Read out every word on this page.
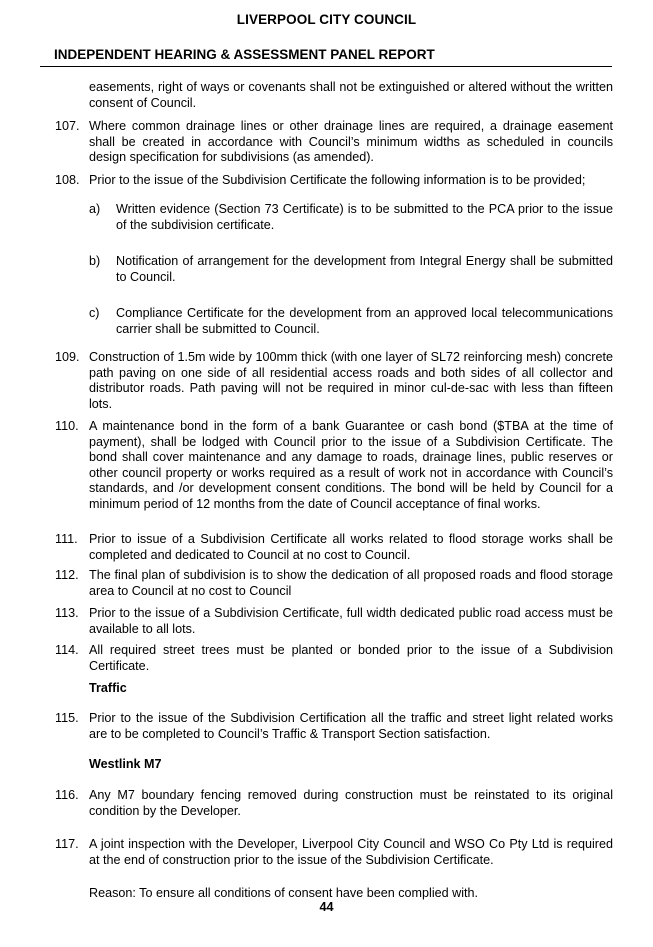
LIVERPOOL CITY COUNCIL
INDEPENDENT HEARING & ASSESSMENT PANEL REPORT
easements, right of ways or covenants shall not be extinguished or altered without the written consent of Council.
107. Where common drainage lines or other drainage lines are required, a drainage easement shall be created in accordance with Council’s minimum widths as scheduled in councils design specification for subdivisions (as amended).
108. Prior to the issue of the Subdivision Certificate the following information is to be provided;
a) Written evidence (Section 73 Certificate) is to be submitted to the PCA prior to the issue of the subdivision certificate.
b) Notification of arrangement for the development from Integral Energy shall be submitted to Council.
c) Compliance Certificate for the development from an approved local telecommunications carrier shall be submitted to Council.
109. Construction of 1.5m wide by 100mm thick (with one layer of SL72 reinforcing mesh) concrete path paving on one side of all residential access roads and both sides of all collector and distributor roads. Path paving will not be required in minor cul-de-sac with less than fifteen lots.
110. A maintenance bond in the form of a bank Guarantee or cash bond ($TBA at the time of payment), shall be lodged with Council prior to the issue of a Subdivision Certificate. The bond shall cover maintenance and any damage to roads, drainage lines, public reserves or other council property or works required as a result of work not in accordance with Council’s standards, and /or development consent conditions. The bond will be held by Council for a minimum period of 12 months from the date of Council acceptance of final works.
111. Prior to issue of a Subdivision Certificate all works related to flood storage works shall be completed and dedicated to Council at no cost to Council.
112. The final plan of subdivision is to show the dedication of all proposed roads and flood storage area to Council at no cost to Council
113. Prior to the issue of a Subdivision Certificate, full width dedicated public road access must be available to all lots.
114. All required street trees must be planted or bonded prior to the issue of a Subdivision Certificate.
Traffic
115. Prior to the issue of the Subdivision Certification all the traffic and street light related works are to be completed to Council’s Traffic & Transport Section satisfaction.
Westlink M7
116. Any M7 boundary fencing removed during construction must be reinstated to its original condition by the Developer.
117. A joint inspection with the Developer, Liverpool City Council and WSO Co Pty Ltd is required at the end of construction prior to the issue of the Subdivision Certificate.
Reason: To ensure all conditions of consent have been complied with.
44
